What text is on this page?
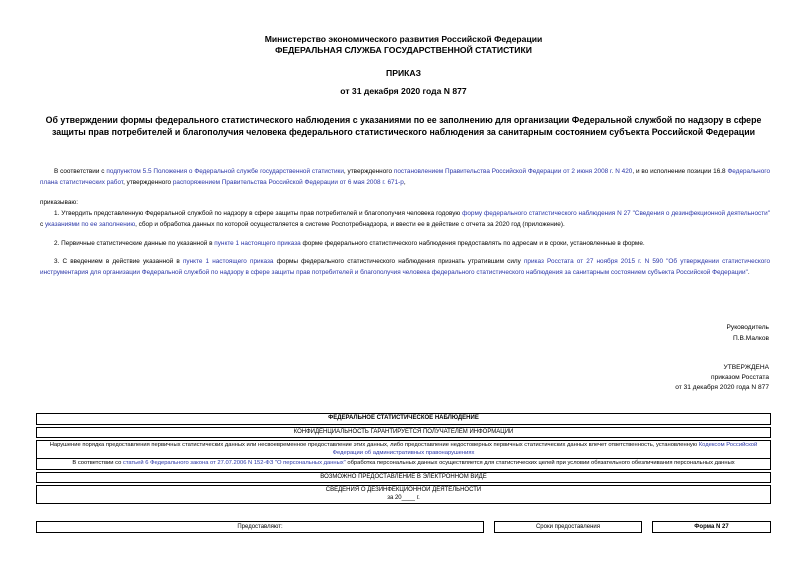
Министерство экономического развития Российской Федерации
ФЕДЕРАЛЬНАЯ СЛУЖБА ГОСУДАРСТВЕННОЙ СТАТИСТИКИ
ПРИКАЗ
от 31 декабря 2020 года N 877
Об утверждении формы федерального статистического наблюдения с указаниями по ее заполнению для организации Федеральной службой по надзору в сфере защиты прав потребителей и благополучия человека федерального статистического наблюдения за санитарным состоянием субъекта Российской Федерации
В соответствии с подпунктом 5.5 Положения о Федеральной службе государственной статистики, утвержденного постановлением Правительства Российской Федерации от 2 июня 2008 г. N 420, и во исполнение позиции 16.8 Федерального плана статистических работ, утвержденного распоряжением Правительства Российской Федерации от 6 мая 2008 г. 671-р,
приказываю:
1. Утвердить представленную Федеральной службой по надзору в сфере защиты прав потребителей и благополучия человека годовую форму федерального статистического наблюдения N 27 "Сведения о дезинфекционной деятельности" с указаниями по ее заполнению, сбор и обработка данных по которой осуществляется в системе Роспотребнадзора, и ввести ее в действие с отчета за 2020 год (приложение).
2. Первичные статистические данные по указанной в пункте 1 настоящего приказа форме федерального статистического наблюдения предоставлять по адресам и в сроки, установленные в форме.
3. С введением в действие указанной в пункте 1 настоящего приказа формы федерального статистического наблюдения признать утратившим силу приказ Росстата от 27 ноября 2015 г. N 590 "Об утверждении статистического инструментария для организации Федеральной службой по надзору в сфере защиты прав потребителей и благополучия человека федерального статистического наблюдения за санитарным состоянием субъекта Российской Федерации".
Руководитель
П.В.Малков
УТВЕРЖДЕНА
приказом Росстата
от 31 декабря 2020 года N 877
ФЕДЕРАЛЬНОЕ СТАТИСТИЧЕСКОЕ НАБЛЮДЕНИЕ

КОНФИДЕНЦИАЛЬНОСТЬ ГАРАНТИРУЕТСЯ ПОЛУЧАТЕЛЕМ ИНФОРМАЦИИ

Нарушение порядка предоставления первичных статистических данных или несвоевременное предоставление этих данных, либо предоставление недостоверных первичных статистических данных влечет ответственность, установленную Кодексом Российской Федерации об административных правонарушениях
В соответствии со статьей 6 Федерального закона от 27.07.2006 N 152-ФЗ "О персональных данных" обработка персональных данных осуществляется для статистических целей при условии обязательного обезличивания персональных данных

ВОЗМОЖНО ПРЕДОСТАВЛЕНИЕ В ЭЛЕКТРОННОМ ВИДЕ

СВЕДЕНИЯ О ДЕЗИНФЕКЦИОННОЙ ДЕЯТЕЛЬНОСТИ
за 20____ г.
Предоставляют:		Сроки предоставления		Форма N 27
